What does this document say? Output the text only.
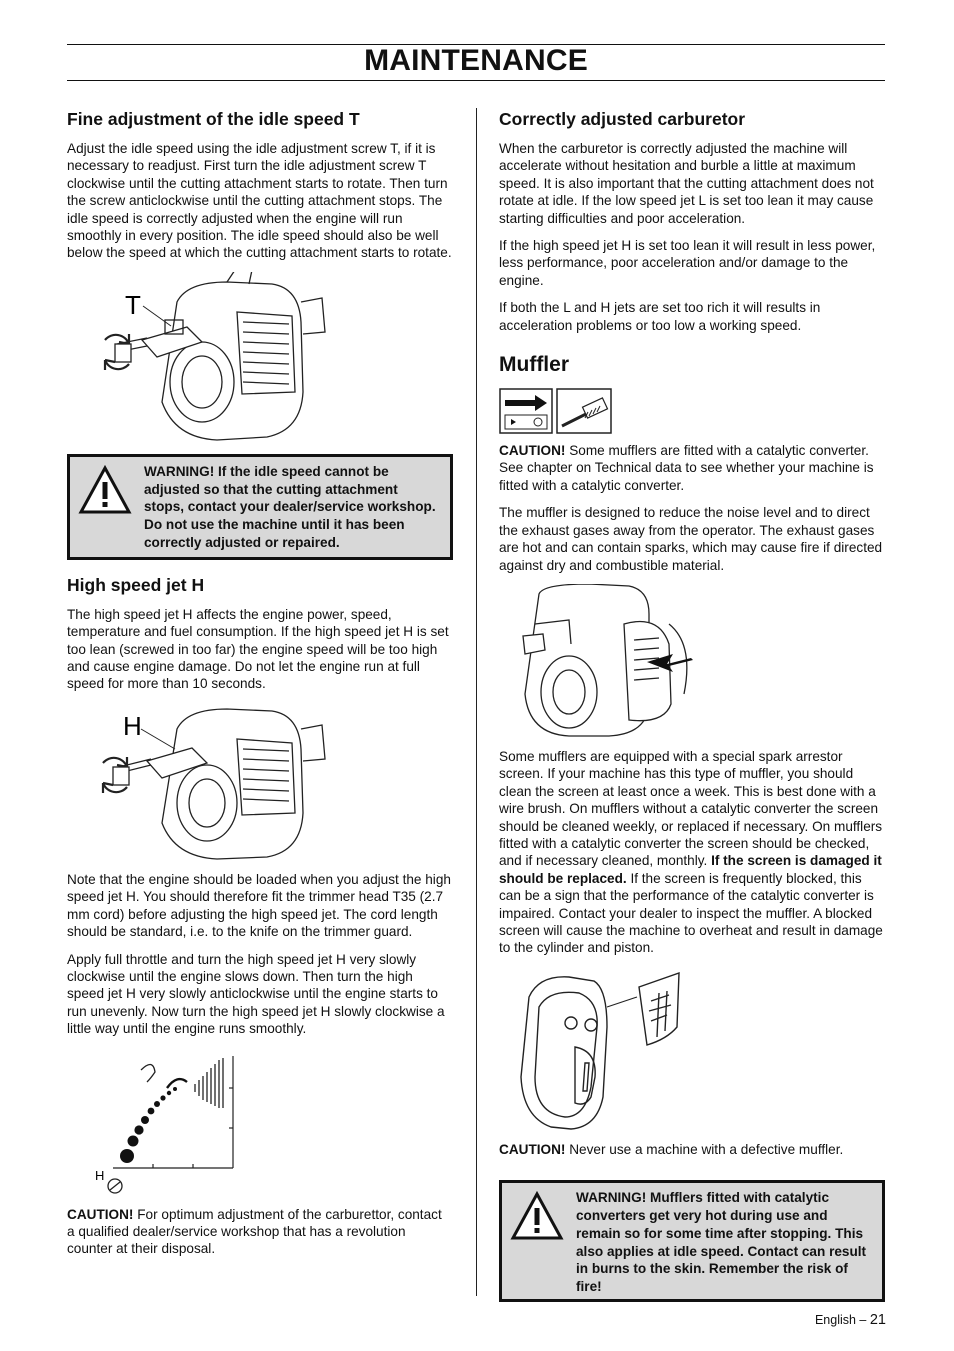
MAINTENANCE
Fine adjustment of the idle speed T

Adjust the idle speed using the idle adjustment screw T, if it is necessary to readjust. First turn the idle adjustment screw T clockwise until the cutting attachment starts to rotate. Then turn the screw anticlockwise until the cutting attachment stops. The idle speed is correctly adjusted when the engine will run smoothly in every position. The idle speed should also be well below the speed at which the cutting attachment starts to rotate.

T
WARNING! If the idle speed cannot be adjusted so that the cutting attachment stops, contact your dealer/service workshop. Do not use the machine until it has been correctly adjusted or repaired.
High speed jet H

The high speed jet H affects the engine power, speed, temperature and fuel consumption. If the high speed jet H is set too lean (screwed in too far) the engine speed will be too high and cause engine damage. Do not let the engine run at full speed for more than 10 seconds.

H

Note that the engine should be loaded when you adjust the high speed jet H. You should therefore fit the trimmer head T35 (2.7 mm cord) before adjusting the high speed jet. The cord length should be standard, i.e. to the knife on the trimmer guard.

Apply full throttle and turn the high speed jet H very slowly clockwise until the engine slows down. Then turn the high speed jet H very slowly anticlockwise until the engine starts to run unevenly. Now turn the high speed jet H slowly clockwise a little way until the engine runs smoothly.

H

CAUTION! For optimum adjustment of the carburettor, contact a qualified dealer/service workshop that has a revolution counter at their disposal.

Correctly adjusted carburetor

When the carburetor is correctly adjusted the machine will accelerate without hesitation and burble a little at maximum speed. It is also important that the cutting attachment does not rotate at idle. If the low speed jet L is set too lean it may cause starting difficulties and poor acceleration.

If the high speed jet H is set too lean it will result in less power, less performance, poor acceleration and/or damage to the engine.

If both the L and H jets are set too rich it will results in acceleration problems or too low a working speed.

Muffler

CAUTION! Some mufflers are fitted with a catalytic converter. See chapter on Technical data to see whether your machine is fitted with a catalytic converter.

The muffler is designed to reduce the noise level and to direct the exhaust gases away from the operator. The exhaust gases are hot and can contain sparks, which may cause fire if directed against dry and combustible material.

Some mufflers are equipped with a special spark arrestor screen. If your machine has this type of muffler, you should clean the screen at least once a week. This is best done with a wire brush. On mufflers without a catalytic converter the screen should be cleaned weekly, or replaced if necessary. On mufflers fitted with a catalytic converter the screen should be checked, and if necessary cleaned, monthly. If the screen is damaged it should be replaced. If the screen is frequently blocked, this can be a sign that the performance of the catalytic converter is impaired. Contact your dealer to inspect the muffler. A blocked screen will cause the machine to overheat and result in damage to the cylinder and piston.

CAUTION! Never use a machine with a defective muffler.

WARNING! Mufflers fitted with catalytic converters get very hot during use and remain so for some time after stopping. This also applies at idle speed. Contact can result in burns to the skin. Remember the risk of fire!
English – 21
